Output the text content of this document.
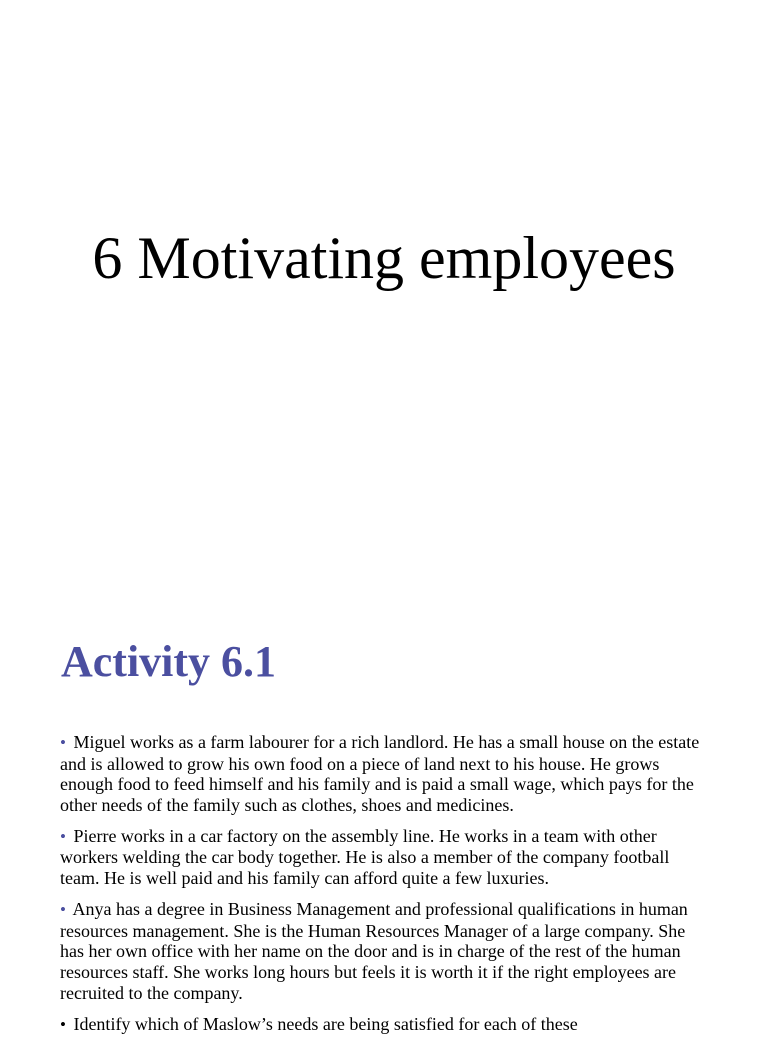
6 Motivating employees
Activity 6.1
• Miguel works as a farm labourer for a rich landlord. He has a small house on the estate and is allowed to grow his own food on a piece of land next to his house. He grows enough food to feed himself and his family and is paid a small wage, which pays for the other needs of the family such as clothes, shoes and medicines.
• Pierre works in a car factory on the assembly line. He works in a team with other workers welding the car body together. He is also a member of the company football team. He is well paid and his family can afford quite a few luxuries.
• Anya has a degree in Business Management and professional qualifications in human resources management. She is the Human Resources Manager of a large company. She has her own office with her name on the door and is in charge of the rest of the human resources staff. She works long hours but feels it is worth it if the right employees are recruited to the company.
• Identify which of Maslow’s needs are being satisfied for each of these
